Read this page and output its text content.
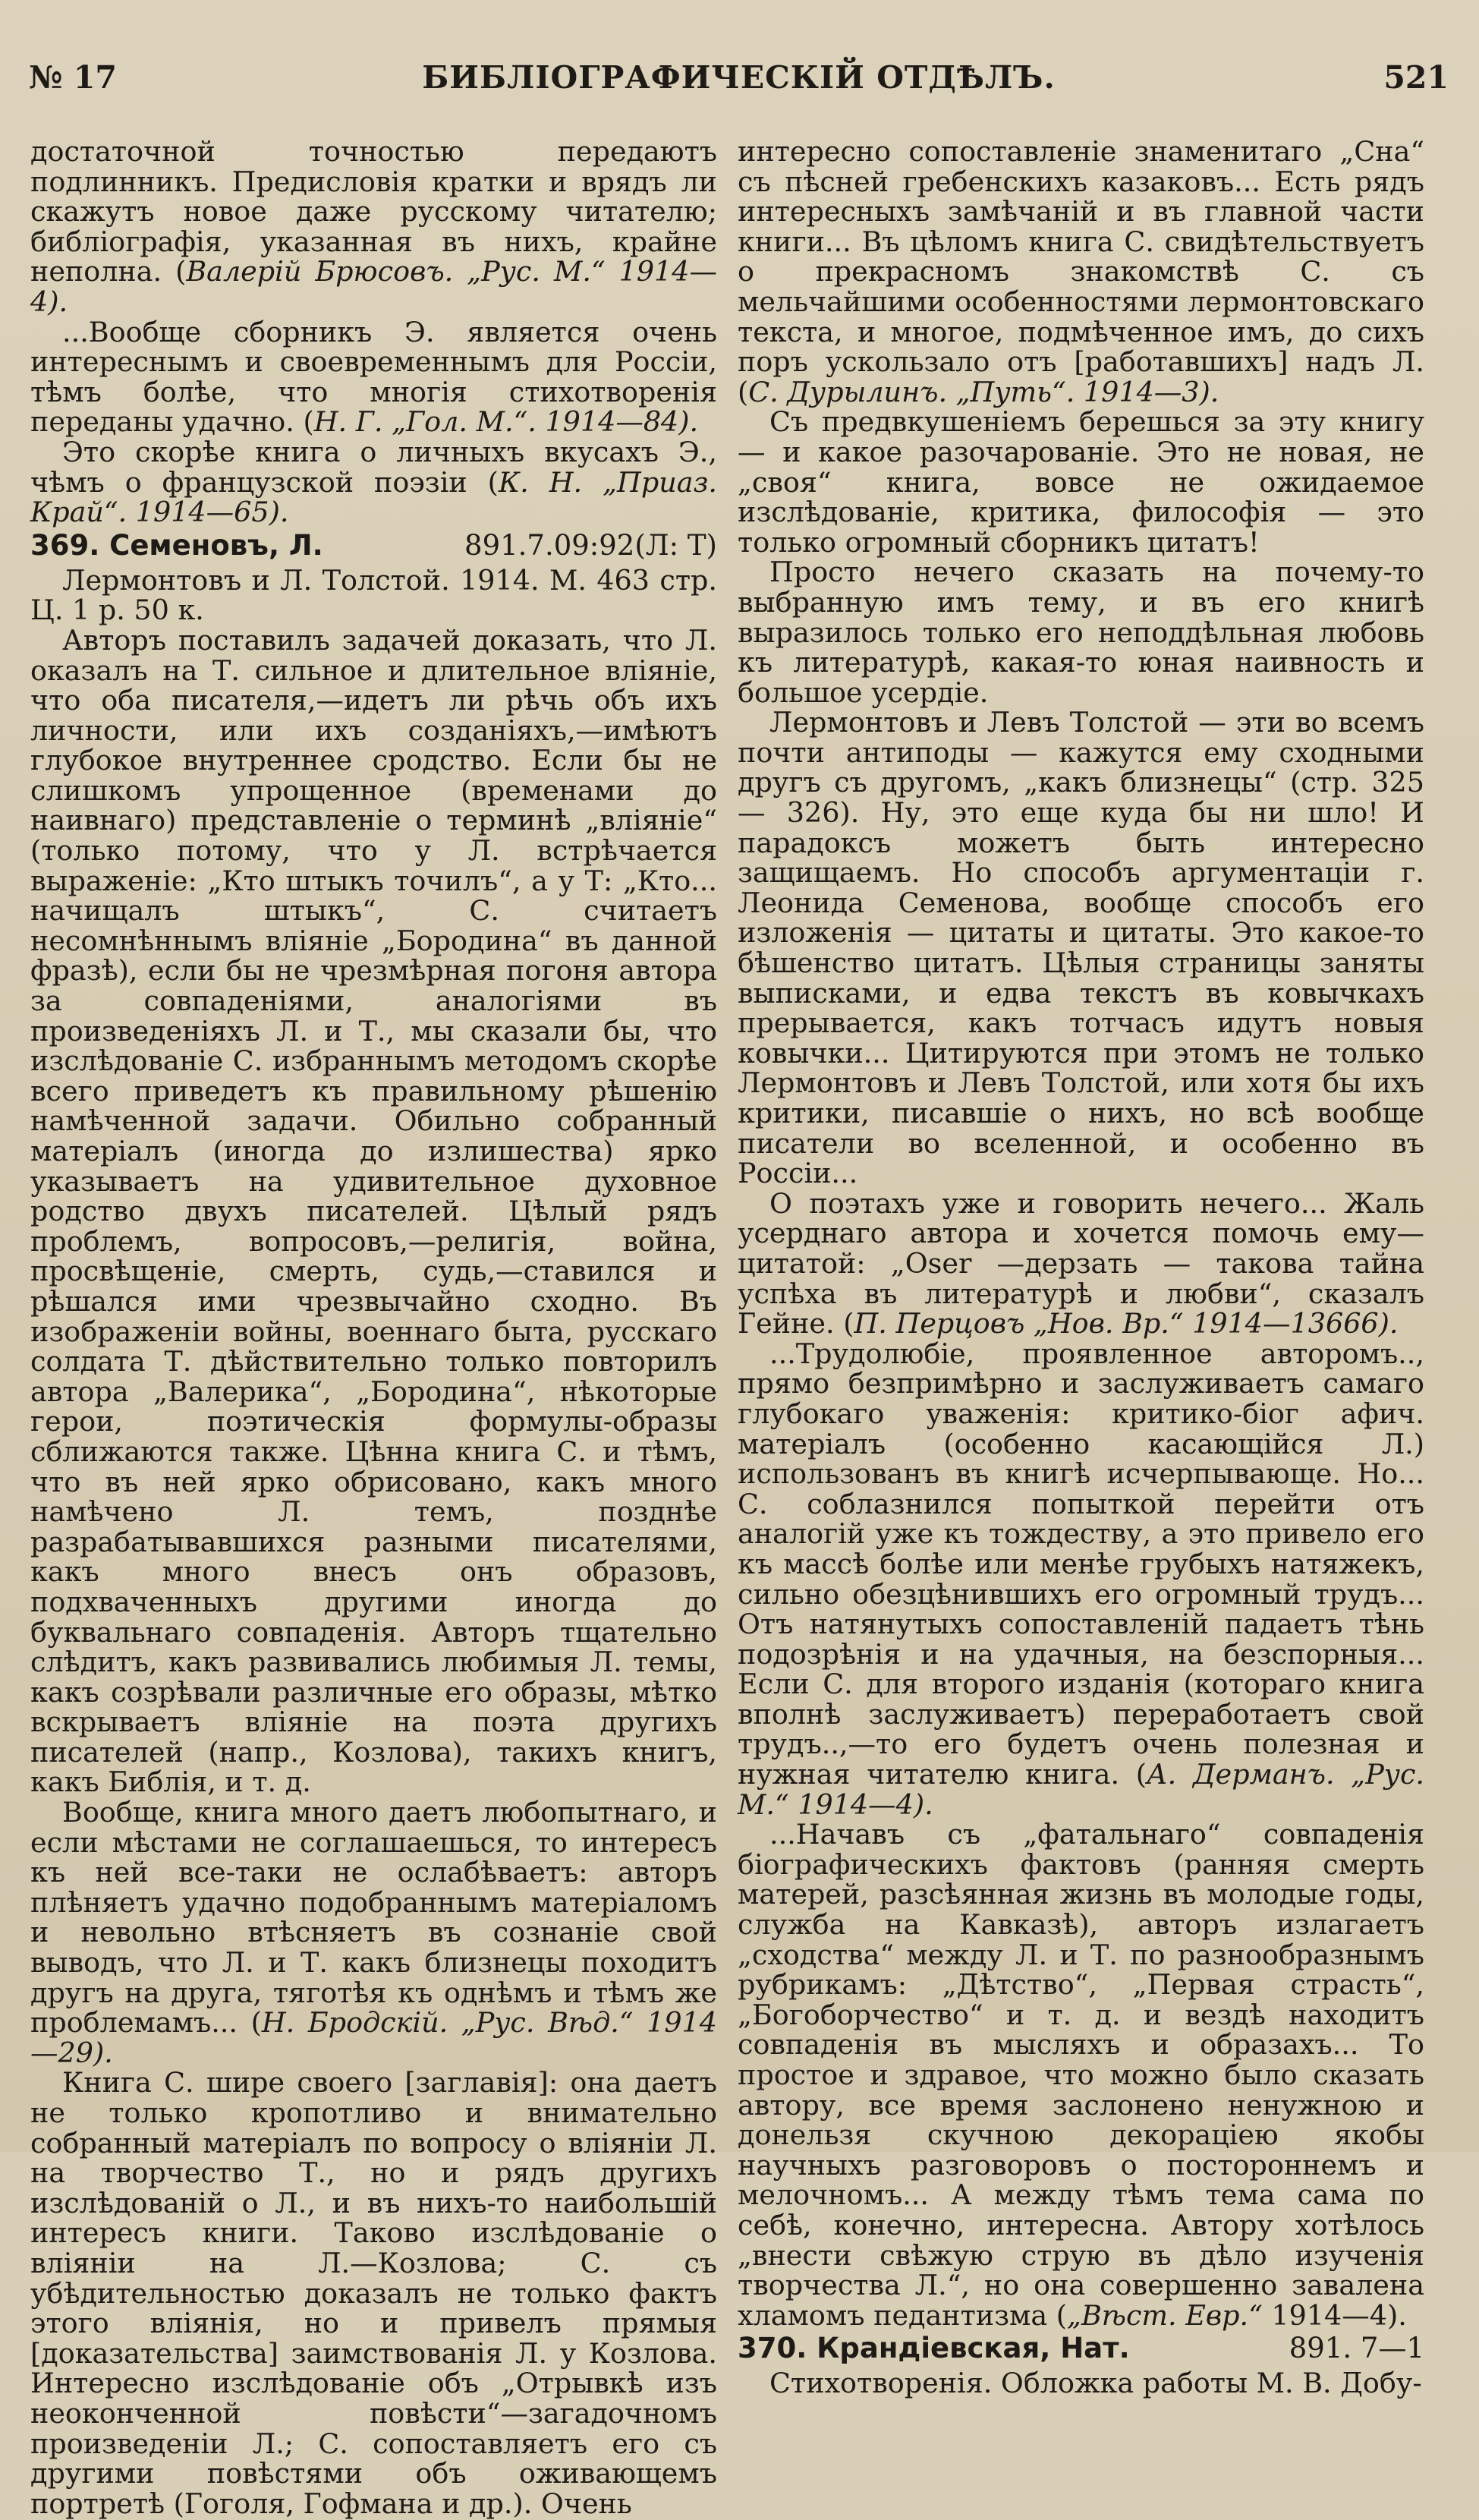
№ 17	БИБЛІОГРАФИЧЕСКІЙ ОТДѢЛЪ.	521

достаточной точностью передаютъ подлинникъ. Предисловія кратки и врядъ ли скажутъ новое даже русскому читателю; библіографія, указанная въ нихъ, крайне неполна. (Валерій Брюсовъ. „Рус. М.“ 1914—4).

...Вообще сборникъ Э. является очень интереснымъ и своевременнымъ для Россіи, тѣмъ болѣе, что многія стихотворенія переданы удачно. (Н. Г. „Гол. М.“. 1914—84).

Это скорѣе книга о личныхъ вкусахъ Э., чѣмъ о французской поэзіи (К. Н. „Приаз. Край“. 1914—65).

369. Семеновъ, Л.	891.7.09:92(Л: Т)

Лермонтовъ и Л. Толстой. 1914. М. 463 стр. Ц. 1 р. 50 к.

Авторъ поставилъ задачей доказать, что Л. оказалъ на Т. сильное и длительное вліяніе, что оба писателя,—идетъ ли рѣчь объ ихъ личности, или ихъ созданіяхъ,—имѣютъ глубокое внутреннее сродство. Если бы не слишкомъ упрощенное (временами до наивнаго) представленіе о терминѣ „вліяніе“ (только потому, что у Л. встрѣчается выраженіе: „Кто штыкъ точилъ“, а у Т: „Кто... начищалъ штыкъ“, С. считаетъ несомнѣннымъ вліяніе „Бородина“ въ данной фразѣ), если бы не чрезмѣрная погоня автора за совпаденіями, аналогіями въ произведеніяхъ Л. и Т., мы сказали бы, что изслѣдованіе С. избраннымъ методомъ скорѣе всего приведетъ къ правильному рѣшенію намѣченной задачи. Обильно собранный матеріалъ (иногда до излишества) ярко указываетъ на удивительное духовное родство двухъ писателей. Цѣлый рядъ проблемъ, вопросовъ,—религія, война, просвѣщеніе, смерть, судь,—ставился и рѣшался ими чрезвычайно сходно. Въ изображеніи войны, военнаго быта, русскаго солдата Т. дѣйствительно только повторилъ автора „Валерика“, „Бородина“, нѣкоторые герои, поэтическія формулы-образы сближаются также. Цѣнна книга С. и тѣмъ, что въ ней ярко обрисовано, какъ много намѣчено Л. темъ, позднѣе разрабатывавшихся разными писателями, какъ много внесъ онъ образовъ, подхваченныхъ другими иногда до буквальнаго совпаденія. Авторъ тщательно слѣдитъ, какъ развивались любимыя Л. темы, какъ созрѣвали различные его образы, мѣтко вскрываетъ вліяніе на поэта другихъ писателей (напр., Козлова), такихъ книгъ, какъ Библія, и т. д.

Вообще, книга много даетъ любопытнаго, и если мѣстами не соглашаешься, то интересъ къ ней все-таки не ослабѣваетъ: авторъ плѣняетъ удачно подобраннымъ матеріаломъ и невольно втѣсняетъ въ сознаніе свой выводъ, что Л. и Т. какъ близнецы походитъ другъ на друга, тяготѣя къ однѣмъ и тѣмъ же проблемамъ... (Н. Бродскій. „Рус. Вѣд.“ 1914—29).

Книга С. шире своего [заглавія]: она даетъ не только кропотливо и внимательно собранный матеріалъ по вопросу о вліяніи Л. на творчество Т., но и рядъ другихъ изслѣдованій о Л., и въ нихъ-то наибольшій интересъ книги. Таково изслѣдованіе о вліяніи на Л.—Козлова; С. съ убѣдительностью доказалъ не только фактъ этого вліянія, но и привелъ прямыя [доказательства] заимствованія Л. у Козлова. Интересно изслѣдованіе объ „Отрывкѣ изъ неоконченной повѣсти“—загадочномъ произведеніи Л.; С. сопоставляетъ его съ другими повѣстями объ оживающемъ портретѣ (Гоголя, Гофмана и др.). Очень

интересно сопоставленіе знаменитаго „Сна“ съ пѣсней гребенскихъ казаковъ... Есть рядъ интересныхъ замѣчаній и въ главной части книги... Въ цѣломъ книга С. свидѣтельствуетъ о прекрасномъ знакомствѣ С. съ мельчайшими особенностями лермонтовскаго текста, и многое, подмѣченное имъ, до сихъ поръ ускользало отъ [работавшихъ] надъ Л. (С. Дурылинъ. „Путь“. 1914—3).

Съ предвкушеніемъ берешься за эту книгу — и какое разочарованіе. Это не новая, не „своя“ книга, вовсе не ожидаемое изслѣдованіе, критика, философія — это только огромный сборникъ цитатъ!

Просто нечего сказать на почему-то выбранную имъ тему, и въ его книгѣ выразилось только его неподдѣльная любовь къ литературѣ, какая-то юная наивность и большое усердіе.

Лермонтовъ и Левъ Толстой — эти во всемъ почти антиподы — кажутся ему сходными другъ съ другомъ, „какъ близнецы“ (стр. 325 — 326). Ну, это еще куда бы ни шло! И парадоксъ можетъ быть интересно защищаемъ. Но способъ аргументаціи г. Леонида Семенова, вообще способъ его изложенія — цитаты и цитаты. Это какое-то бѣшенство цитатъ. Цѣлыя страницы заняты выписками, и едва текстъ въ ковычкахъ прерывается, какъ тотчасъ идутъ новыя ковычки... Цитируются при этомъ не только Лермонтовъ и Левъ Толстой, или хотя бы ихъ критики, писавшіе о нихъ, но всѣ вообще писатели во вселенной, и особенно въ Россіи...

О поэтахъ уже и говорить нечего... Жаль усерднаго автора и хочется помочь ему—цитатой: „Oser —дерзать — такова тайна успѣха въ литературѣ и любви“, сказалъ Гейне. (П. Перцовъ „Нов. Вр.“ 1914—13666).

...Трудолюбіе, проявленное авторомъ.., прямо безпримѣрно и заслуживаетъ самаго глубокаго уваженія: критико-біог афич. матеріалъ (особенно касающійся Л.) использованъ въ книгѣ исчерпывающе. Но... С. соблазнился попыткой перейти отъ аналогій уже къ тождеству, а это привело его къ массѣ болѣе или менѣе грубыхъ натяжекъ, сильно обезцѣнившихъ его огромный трудъ... Отъ натянутыхъ сопоставленій падаетъ тѣнь подозрѣнія и на удачныя, на безспорныя... Если С. для второго изданія (котораго книга вполнѣ заслуживаетъ) переработаетъ свой трудъ..,—то его будетъ очень полезная и нужная читателю книга. (А. Дерманъ. „Рус. М.“ 1914—4).

...Начавъ съ „фатальнаго“ совпаденія біографическихъ фактовъ (ранняя смерть матерей, разсѣянная жизнь въ молодые годы, служба на Кавказѣ), авторъ излагаетъ „сходства“ между Л. и Т. по разнообразнымъ рубрикамъ: „Дѣтство“, „Первая страсть“, „Богоборчество“ и т. д. и вездѣ находитъ совпаденія въ мысляхъ и образахъ... То простое и здравое, что можно было сказать автору, все время заслонено ненужною и донельзя скучною декораціею якобы научныхъ разговоровъ о постороннемъ и мелочномъ... А между тѣмъ тема сама по себѣ, конечно, интересна. Автору хотѣлось „внести свѣжую струю въ дѣло изученія творчества Л.“, но она совершенно завалена хламомъ педантизма („Вѣст. Евр.“ 1914—4).

370. Крандіевская, Нат.	891. 7—1

Стихотворенія. Обложка работы М. В. Добу-
